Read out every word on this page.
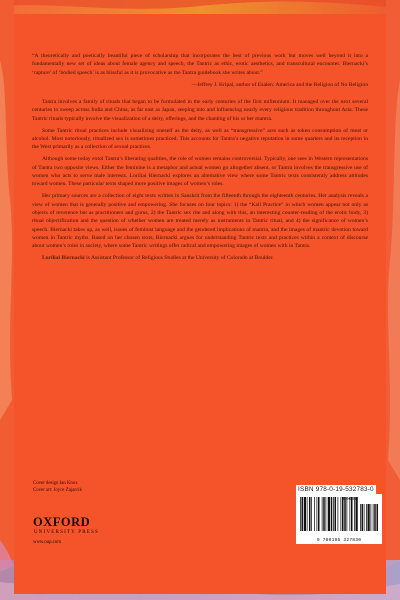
“A theoretically and poetically beautiful piece of scholarship that incorporates the best of previous work but moves well beyond it into a fundamentally new set of ideas about female agency and speech, the Tantric as ethic, erotic aesthetics, and transcultural encounter. Biernacki’s ‘rapture’ of ‘bodied speech’ is as blissful as it is provocative as the Tantra guidebook she writes about.”

—Jeffrey J. Kripal, author of Esalen: America and the Religion of No Religion

Tantra involves a family of rituals that began to be formulated in the early centuries of the first millennium. It managed over the next several centuries to sweep across India and China, as far east as Japan, seeping into and influencing nearly every religious tradition throughout Asia. These Tantric rituals typically involve the visualization of a deity, offerings, and the chanting of his or her mantra.

Some Tantric ritual practices include visualizing oneself as the deity, as well as “transgressive” acts such as token consumption of meat or alcohol. Most notoriously, ritualized sex is sometimes practiced. This accounts for Tantra’s negative reputation in some quarters and its reception in the West primarily as a collection of sexual practices.

Although some today extol Tantra’s liberating qualities, the role of women remains controversial. Typically, one sees in Western representations of Tantra two opposite views. Either the feminine is a metaphor and actual women go altogether absent, or Tantra involves the transgressive use of women who acts to serve male interests. Loriliai Biernacki explores an alternative view where some Tantric texts consistently address attitudes toward women. These particular texts shaped more positive images of women’s roles.

Her primary sources are a collection of eight texts written in Sanskrit from the fifteenth through the eighteenth centuries. Her analysis reveals a view of women that is generally positive and empowering. She focuses on four topics: 1) the “Kali Practice” in which women appear not only as objects of reverence but as practitioners and gurus, 2) the Tantric sex rite and along with this, an interesting counter-reading of the erotic body, 3) ritual objectification and the question of whether women are treated merely as instruments in Tantric ritual, and 4) the significance of women’s speech. Biernacki takes up, as well, issues of feminist language and the gendered implications of mantra, and the images of mantric devotion toward women in Tantric myths. Based on her chosen texts, Biernacki argues for understanding Tantric texts and practices within a context of discourse about women’s roles in society, where some Tantric writings offer radical and empowering images of women with in Tantra.

Loriliai Biernacki is Assistant Professor of Religious Studies at the University of Colorado at Boulder.

Cover design Ian Knox
Cover art: Joyce Zujarcik
OXFORD
UNIVERSITY PRESS
www.oup.com
ISBN 978-0-19-532783-0
9 780195 327830
90000
